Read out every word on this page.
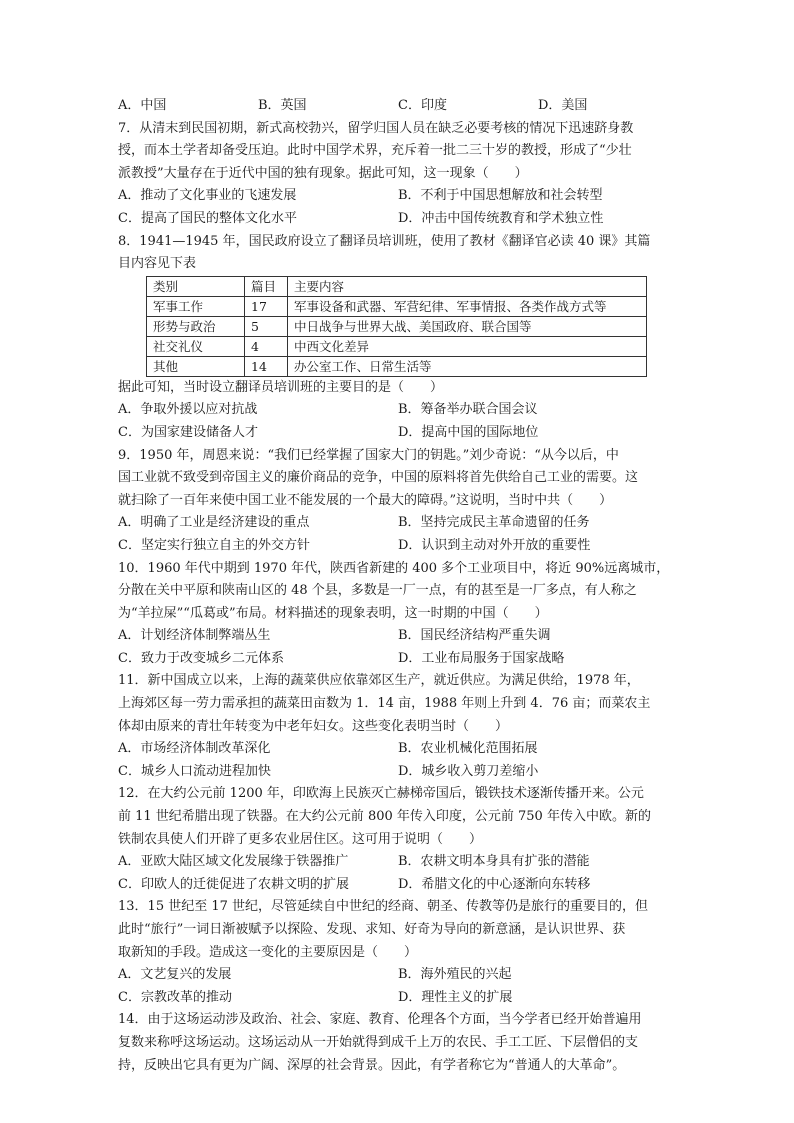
A．中国	B．英国	C．印度	D．美国
7．从清末到民国初期，新式高校勃兴，留学归国人员在缺乏必要考核的情况下迅速跻身教
授，而本土学者却备受压迫。此时中国学术界，充斥着一批二三十岁的教授，形成了“少壮
派教授”大量存在于近代中国的独有现象。据此可知，这一现象（　　）
A．推动了文化事业的飞速发展	B．不利于中国思想解放和社会转型
C．提高了国民的整体文化水平	D．冲击中国传统教育和学术独立性
8．1941—1945 年，国民政府设立了翻译员培训班，使用了教材《翻译官必读 40 课》其篇
目内容见下表
类别	篇目	主要内容
军事工作	17	军事设备和武器、军营纪律、军事情报、各类作战方式等
形势与政治	5	中日战争与世界大战、美国政府、联合国等
社交礼仪	4	中西文化差异
其他	14	办公室工作、日常生活等
据此可知，当时设立翻译员培训班的主要目的是（　　）
A．争取外援以应对抗战	B．筹备举办联合国会议
C．为国家建设储备人才	D．提高中国的国际地位
9．1950 年，周恩来说：“我们已经掌握了国家大门的钥匙。”刘少奇说：“从今以后，中
国工业就不致受到帝国主义的廉价商品的竞争，中国的原料将首先供给自己工业的需要。这
就扫除了一百年来使中国工业不能发展的一个最大的障碍。”这说明，当时中共（　　）
A．明确了工业是经济建设的重点	B．坚持完成民主革命遗留的任务
C．坚定实行独立自主的外交方针	D．认识到主动对外开放的重要性
10．1960 年代中期到 1970 年代，陕西省新建的 400 多个工业项目中，将近 90%远离城市，
分散在关中平原和陕南山区的 48 个县，多数是一厂一点，有的甚至是一厂多点，有人称之
为“羊拉屎”“瓜葛或”布局。材料描述的现象表明，这一时期的中国（　　）
A．计划经济体制弊端丛生	B．国民经济结构严重失调
C．致力于改变城乡二元体系	D．工业布局服务于国家战略
11．新中国成立以来，上海的蔬菜供应依靠郊区生产，就近供应。为满足供给，1978 年，
上海郊区每一劳力需承担的蔬菜田亩数为 1．14 亩，1988 年则上升到 4．76 亩；而菜农主
体却由原来的青壮年转变为中老年妇女。这些变化表明当时（　　）
A．市场经济体制改革深化	B．农业机械化范围拓展
C．城乡人口流动进程加快	D．城乡收入剪刀差缩小
12．在大约公元前 1200 年，印欧海上民族灭亡赫梯帝国后，锻铁技术逐渐传播开来。公元
前 11 世纪希腊出现了铁器。在大约公元前 800 年传入印度，公元前 750 年传入中欧。新的
铁制农具使人们开辟了更多农业居住区。这可用于说明（　　）
A．亚欧大陆区域文化发展缘于铁器推广	B．农耕文明本身具有扩张的潜能
C．印欧人的迁徙促进了农耕文明的扩展	D．希腊文化的中心逐渐向东转移
13．15 世纪至 17 世纪，尽管延续自中世纪的经商、朝圣、传教等仍是旅行的重要目的，但
此时“旅行”一词日渐被赋予以探险、发现、求知、好奇为导向的新意涵，是认识世界、获
取新知的手段。造成这一变化的主要原因是（　　）
A．文艺复兴的发展	B．海外殖民的兴起
C．宗教改革的推动	D．理性主义的扩展
14．由于这场运动涉及政治、社会、家庭、教育、伦理各个方面，当今学者已经开始普遍用
复数来称呼这场运动。这场运动从一开始就得到成千上万的农民、手工工匠、下层僧侣的支
持，反映出它具有更为广阔、深厚的社会背景。因此，有学者称它为“普通人的大革命”。
